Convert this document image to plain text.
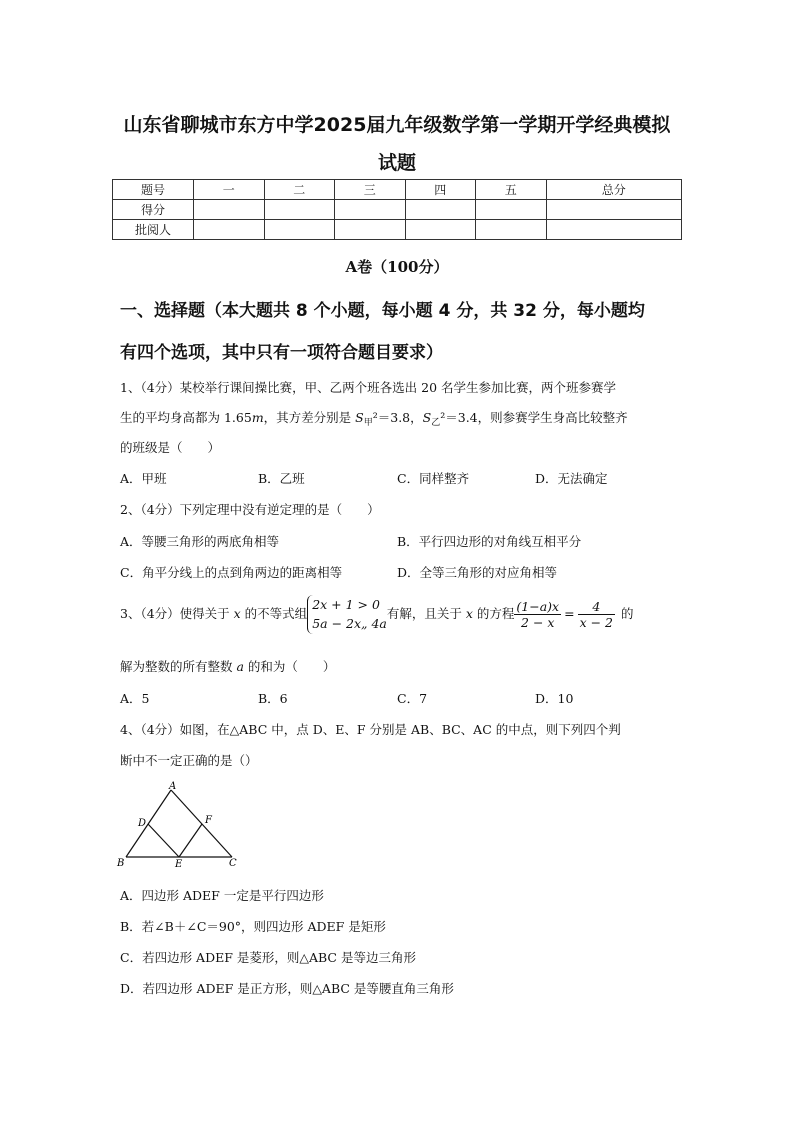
山东省聊城市东方中学2025届九年级数学第一学期开学经典模拟
试题
题号	一	二	三	四	五	总分
得分						
批阅人						
A卷（100分）
一、选择题（本大题共 8 个小题，每小题 4 分，共 32 分，每小题均
有四个选项，其中只有一项符合题目要求）
1、（4分）某校举行课间操比赛，甲、乙两个班各选出 20 名学生参加比赛，两个班参赛学
生的平均身高都为 1.65m，其方差分别是 $S_甲^2=3.8$，$S_乙^2=3.4$，则参赛学生身高比较整齐
的班级是（　　）
A．甲班	B．乙班	C．同样整齐	D．无法确定
2、（4分）下列定理中没有逆定理的是（　　）
A．等腰三角形的两底角相等	B．平行四边形的对角线互相平分
C．角平分线上的点到角两边的距离相等	D．全等三角形的对应角相等
3、（4分）使得关于 x 的不等式组
2x + 1 > 0
5a − 2x„ 4a
有解，且关于 x 的方程 $\frac{(1-a)x}{2 - x} = \frac{4}{x - 2}$ 的
解为整数的所有整数 a 的和为（　　）
A．5	B．6	C．7	D．10
4、（4分）如图，在△ABC 中，点 D、E、F 分别是 AB、BC、AC 的中点，则下列四个判
断中不一定正确的是（）
A
B	C
D
E
F
A．四边形 ADEF 一定是平行四边形
B．若∠B＋∠C＝90°，则四边形 ADEF 是矩形
C．若四边形 ADEF 是菱形，则△ABC 是等边三角形
D．若四边形 ADEF 是正方形，则△ABC 是等腰直角三角形
